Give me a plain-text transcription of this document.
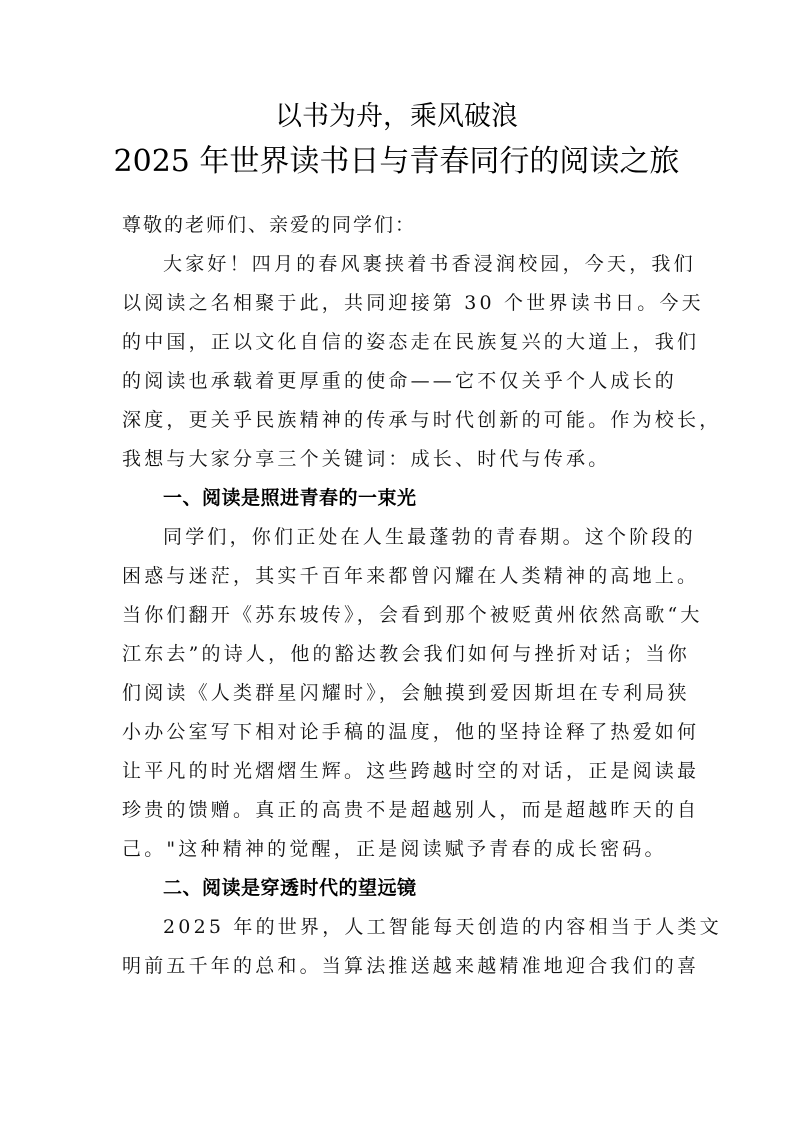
以书为舟，乘风破浪
2025 年世界读书日与青春同行的阅读之旅
尊敬的老师们、亲爱的同学们：
大家好！四月的春风裹挟着书香浸润校园，今天，我们
以阅读之名相聚于此，共同迎接第 30 个世界读书日。今天
的中国，正以文化自信的姿态走在民族复兴的大道上，我们
的阅读也承载着更厚重的使命——它不仅关乎个人成长的
深度，更关乎民族精神的传承与时代创新的可能。作为校长，
我想与大家分享三个关键词：成长、时代与传承。
一、阅读是照进青春的一束光
同学们，你们正处在人生最蓬勃的青春期。这个阶段的
困惑与迷茫，其实千百年来都曾闪耀在人类精神的高地上。
当你们翻开《苏东坡传》，会看到那个被贬黄州依然高歌“大
江东去”的诗人，他的豁达教会我们如何与挫折对话；当你
们阅读《人类群星闪耀时》，会触摸到爱因斯坦在专利局狭
小办公室写下相对论手稿的温度，他的坚持诠释了热爱如何
让平凡的时光熠熠生辉。这些跨越时空的对话，正是阅读最
珍贵的馈赠。真正的高贵不是超越别人，而是超越昨天的自
己。"这种精神的觉醒，正是阅读赋予青春的成长密码。
二、阅读是穿透时代的望远镜
2025 年的世界，人工智能每天创造的内容相当于人类文
明前五千年的总和。当算法推送越来越精准地迎合我们的喜
